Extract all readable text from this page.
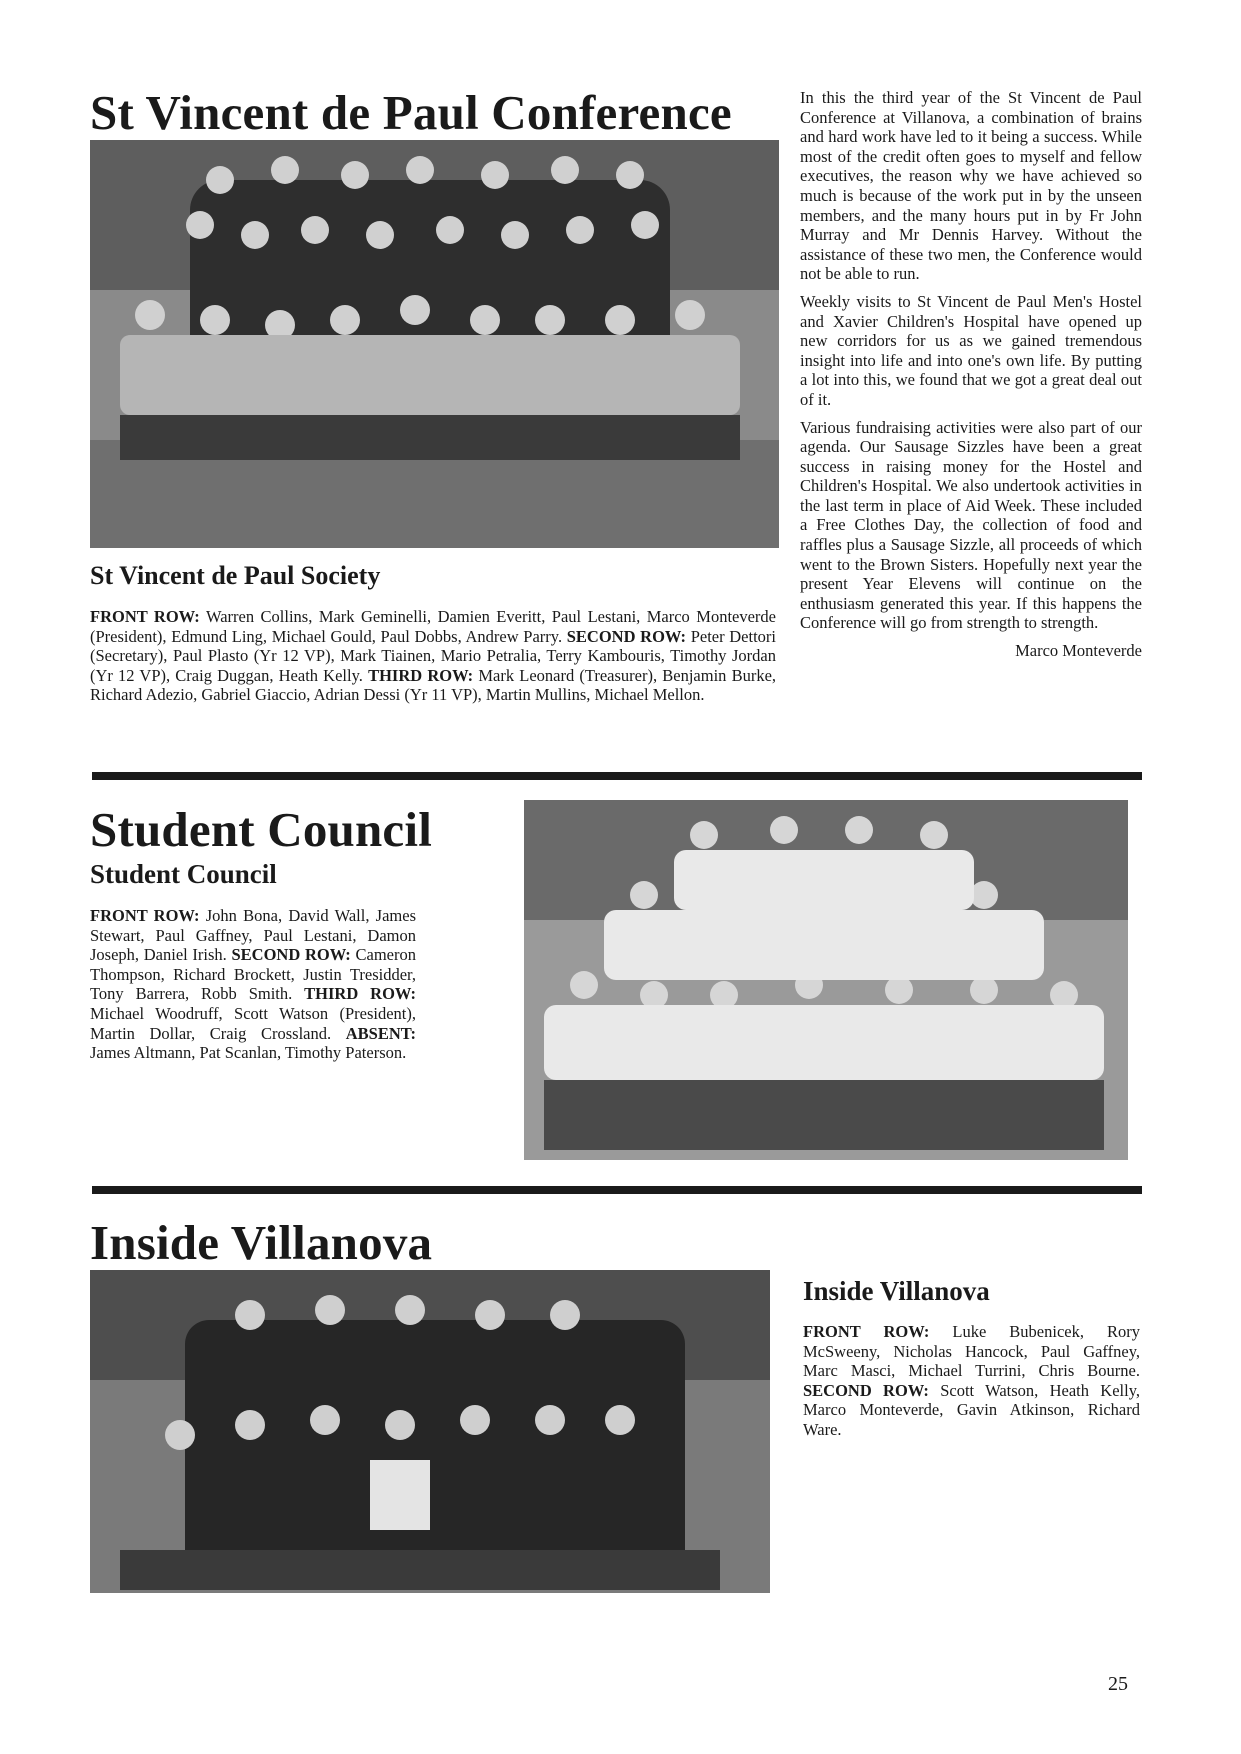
St Vincent de Paul Conference
St Vincent de Paul Society

FRONT ROW: Warren Collins, Mark Geminelli, Damien Everitt, Paul Lestani, Marco Monteverde (President), Edmund Ling, Michael Gould, Paul Dobbs, Andrew Parry. SECOND ROW: Peter Dettori (Secretary), Paul Plasto (Yr 12 VP), Mark Tiainen, Mario Petralia, Terry Kambouris, Timothy Jordan (Yr 12 VP), Craig Duggan, Heath Kelly. THIRD ROW: Mark Leonard (Treasurer), Benjamin Burke, Richard Adezio, Gabriel Giaccio, Adrian Dessi (Yr 11 VP), Martin Mullins, Michael Mellon.

In this the third year of the St Vincent de Paul Conference at Villanova, a combination of brains and hard work have led to it being a success. While most of the credit often goes to myself and fellow executives, the reason why we have achieved so much is because of the work put in by the unseen members, and the many hours put in by Fr John Murray and Mr Dennis Harvey. Without the assistance of these two men, the Conference would not be able to run.

Weekly visits to St Vincent de Paul Men's Hostel and Xavier Children's Hospital have opened up new corridors for us as we gained tremendous insight into life and into one's own life. By putting a lot into this, we found that we got a great deal out of it.

Various fundraising activities were also part of our agenda. Our Sausage Sizzles have been a great success in raising money for the Hostel and Children's Hospital. We also undertook activities in the last term in place of Aid Week. These included a Free Clothes Day, the collection of food and raffles plus a Sausage Sizzle, all proceeds of which went to the Brown Sisters. Hopefully next year the present Year Elevens will continue on the enthusiasm generated this year. If this happens the Conference will go from strength to strength.

Marco Monteverde

Student Council
Student Council

FRONT ROW: John Bona, David Wall, James Stewart, Paul Gaffney, Paul Lestani, Damon Joseph, Daniel Irish. SECOND ROW: Cameron Thompson, Richard Brockett, Justin Tresidder, Tony Barrera, Robb Smith. THIRD ROW: Michael Woodruff, Scott Watson (President), Martin Dollar, Craig Crossland. ABSENT: James Altmann, Pat Scanlan, Timothy Paterson.

Inside Villanova
Inside Villanova

FRONT ROW: Luke Bubenicek, Rory McSweeny, Nicholas Hancock, Paul Gaffney, Marc Masci, Michael Turrini, Chris Bourne. SECOND ROW: Scott Watson, Heath Kelly, Marco Monteverde, Gavin Atkinson, Richard Ware.

25
